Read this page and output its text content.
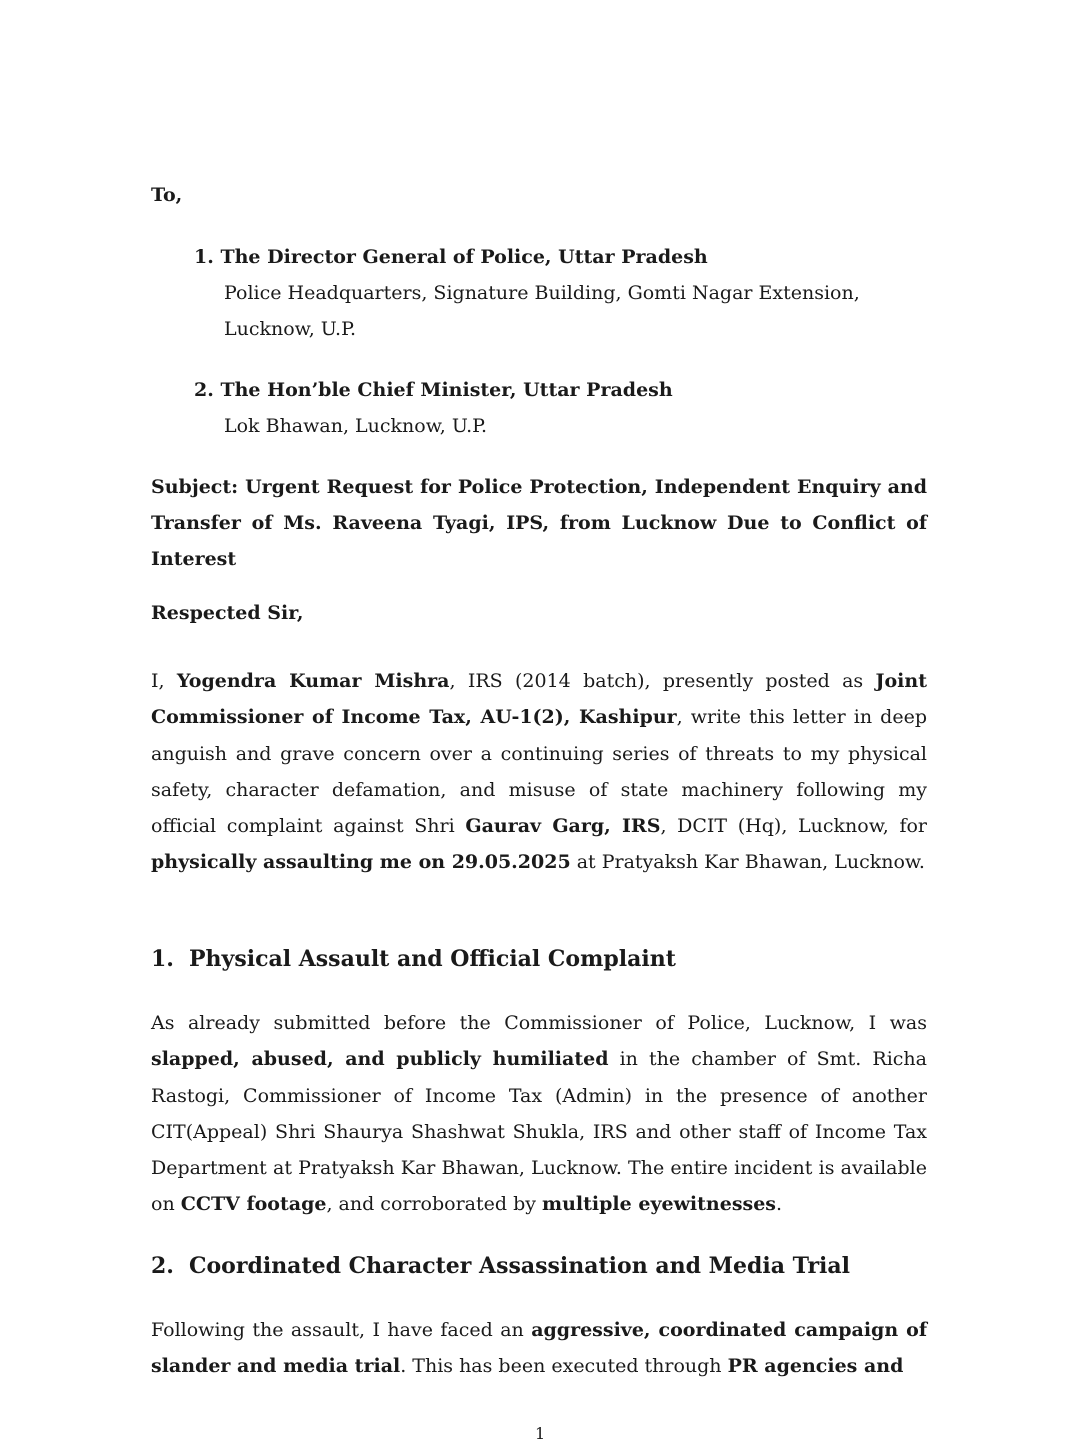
To,
1. The Director General of Police, Uttar Pradesh
Police Headquarters, Signature Building, Gomti Nagar Extension,
Lucknow, U.P.
2. The Hon’ble Chief Minister, Uttar Pradesh
Lok Bhawan, Lucknow, U.P.
Subject: Urgent Request for Police Protection, Independent Enquiry and Transfer of Ms. Raveena Tyagi, IPS, from Lucknow Due to Conflict of Interest
Respected Sir,
I, Yogendra Kumar Mishra, IRS (2014 batch), presently posted as Joint Commissioner of Income Tax, AU-1(2), Kashipur, write this letter in deep anguish and grave concern over a continuing series of threats to my physical safety, character defamation, and misuse of state machinery following my official complaint against Shri Gaurav Garg, IRS, DCIT (Hq), Lucknow, for physically assaulting me on 29.05.2025 at Pratyaksh Kar Bhawan, Lucknow.
1. Physical Assault and Official Complaint
As already submitted before the Commissioner of Police, Lucknow, I was slapped, abused, and publicly humiliated in the chamber of Smt. Richa Rastogi, Commissioner of Income Tax (Admin) in the presence of another CIT(Appeal) Shri Shaurya Shashwat Shukla, IRS and other staff of Income Tax Department at Pratyaksh Kar Bhawan, Lucknow. The entire incident is available on CCTV footage, and corroborated by multiple eyewitnesses.
2. Coordinated Character Assassination and Media Trial
Following the assault, I have faced an aggressive, coordinated campaign of slander and media trial. This has been executed through PR agencies and
1
